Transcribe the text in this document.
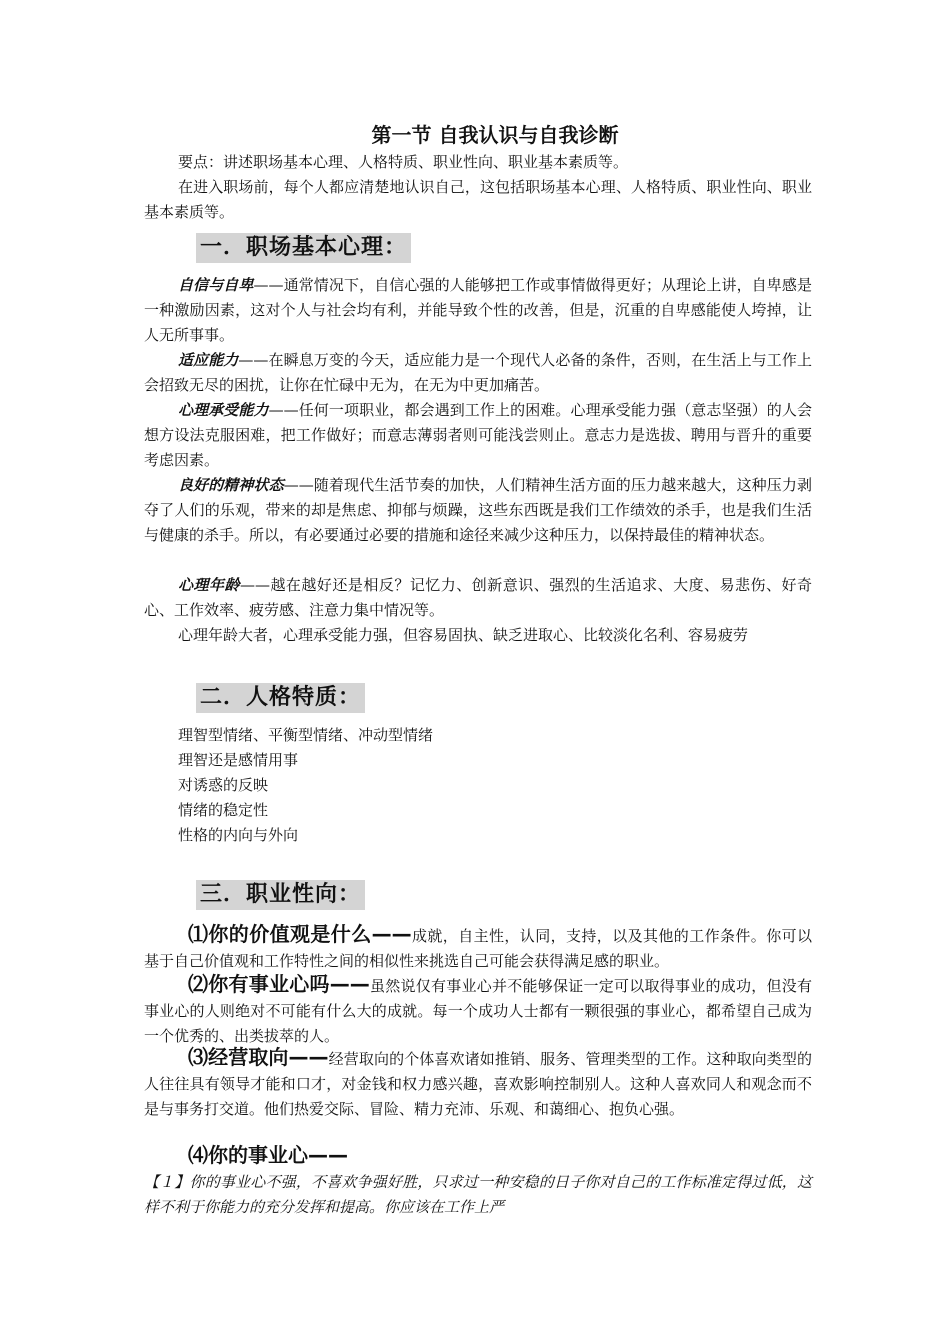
第一节 自我认识与自我诊断
要点：讲述职场基本心理、人格特质、职业性向、职业基本素质等。
在进入职场前，每个人都应清楚地认识自己，这包括职场基本心理、人格特质、职业性向、职业基本素质等。
一．职场基本心理：
自信与自卑——通常情况下，自信心强的人能够把工作或事情做得更好；从理论上讲，自卑感是一种激励因素，这对个人与社会均有利，并能导致个性的改善，但是，沉重的自卑感能使人垮掉，让人无所事事。
适应能力——在瞬息万变的今天，适应能力是一个现代人必备的条件，否则，在生活上与工作上会招致无尽的困扰，让你在忙碌中无为，在无为中更加痛苦。
心理承受能力——任何一项职业，都会遇到工作上的困难。心理承受能力强（意志坚强）的人会想方设法克服困难，把工作做好；而意志薄弱者则可能浅尝则止。意志力是选拔、聘用与晋升的重要考虑因素。
良好的精神状态——随着现代生活节奏的加快，人们精神生活方面的压力越来越大，这种压力剥夺了人们的乐观，带来的却是焦虑、抑郁与烦躁，这些东西既是我们工作绩效的杀手，也是我们生活与健康的杀手。所以，有必要通过必要的措施和途径来减少这种压力，以保持最佳的精神状态。
心理年龄——越在越好还是相反？记忆力、创新意识、强烈的生活追求、大度、易悲伤、好奇心、工作效率、疲劳感、注意力集中情况等。
心理年龄大者，心理承受能力强，但容易固执、缺乏进取心、比较淡化名利、容易疲劳
二．人格特质：
理智型情绪、平衡型情绪、冲动型情绪
理智还是感情用事
对诱惑的反映
情绪的稳定性
性格的内向与外向
三．职业性向：
⑴你的价值观是什么——成就，自主性，认同，支持，以及其他的工作条件。你可以基于自己价值观和工作特性之间的相似性来挑选自己可能会获得满足感的职业。
⑵你有事业心吗——虽然说仅有事业心并不能够保证一定可以取得事业的成功，但没有事业心的人则绝对不可能有什么大的成就。每一个成功人士都有一颗很强的事业心，都希望自己成为一个优秀的、出类拔萃的人。
⑶经营取向——经营取向的个体喜欢诸如推销、服务、管理类型的工作。这种取向类型的人往往具有领导才能和口才，对金钱和权力感兴趣，喜欢影响控制别人。这种人喜欢同人和观念而不是与事务打交道。他们热爱交际、冒险、精力充沛、乐观、和蔼细心、抱负心强。
⑷你的事业心——
【１】你的事业心不强，不喜欢争强好胜，只求过一种安稳的日子你对自己的工作标准定得过低，这样不利于你能力的充分发挥和提高。你应该在工作上严
